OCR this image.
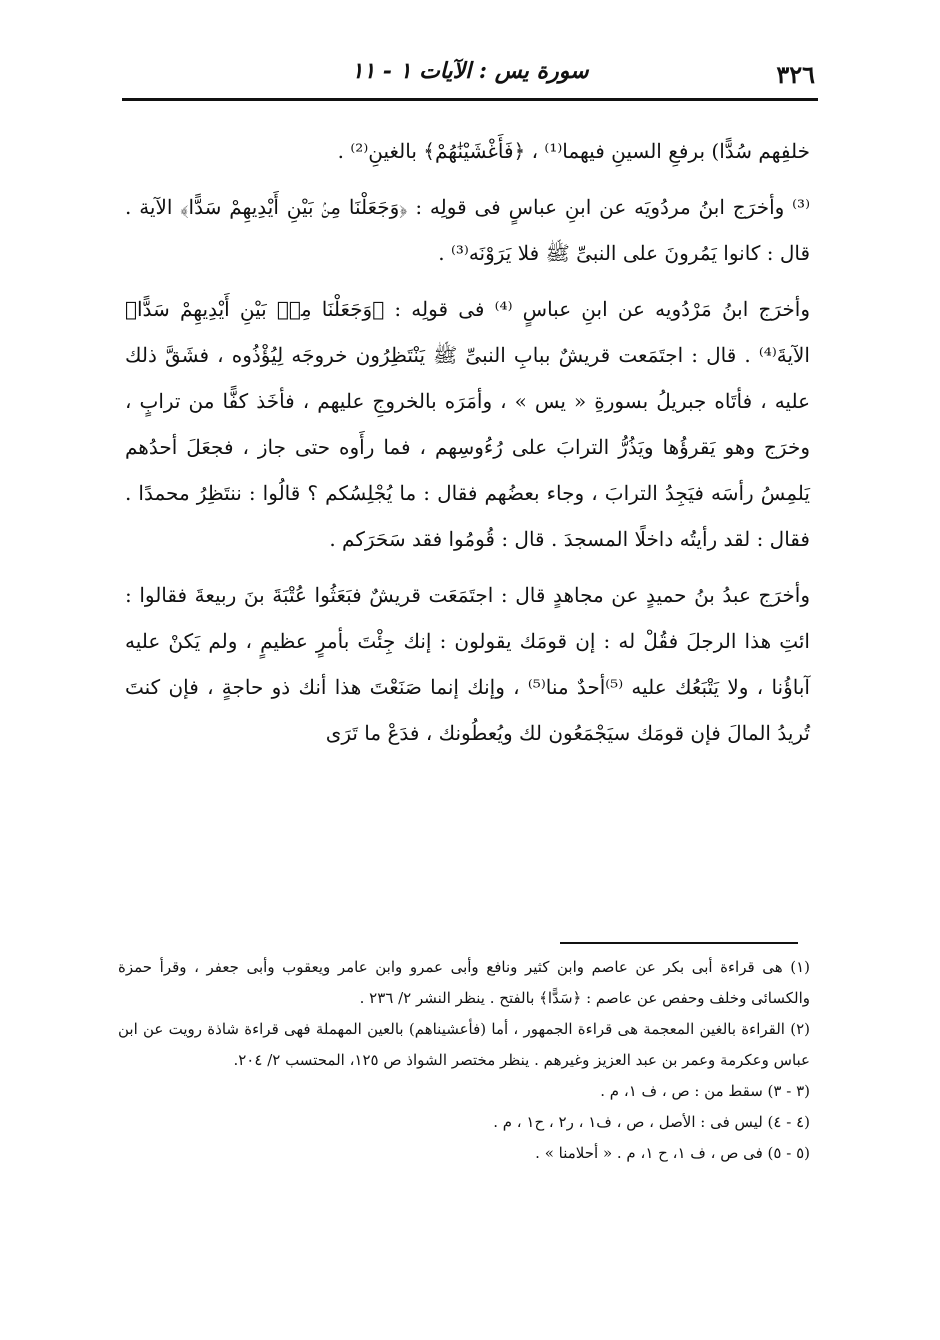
٣٢٦
سورة يس : الآيات ١ - ١١

خلفِهم سُدًّا) برفعِ السينِ فيهما⁽¹⁾ ، ﴿فَأَغْشَيْنَٰهُمْ﴾ بالغينِ⁽²⁾ .

⁽³⁾ وأخرَج ابنُ مردُويَه عن ابنِ عباسٍ فى قولِه : ﴿وَجَعَلْنَا مِنۢ بَيْنِ أَيْدِيهِمْ سَدًّا﴾ الآية . قال : كانوا يَمُرونَ على النبىِّ ﷺ فلا يَرَوْنَه⁽³⁾ .

وأخرَج ابنُ مَرْدُويه عن ابنِ عباسٍ ⁽⁴⁾ فى قولِه : ﴿وَجَعَلْنَا مِنۢ بَيْنِ أَيْدِيهِمْ سَدًّا﴾ الآيةَ⁽⁴⁾ . قال : اجتَمَعت قريشٌ ببابِ النبىِّ ﷺ يَنْتَظِرُون خروجَه لِيُؤْذُوه ، فشَقَّ ذلك عليه ، فأتَاه جبريلُ بسورةِ « يس » ، وأمَرَه بالخروجِ عليهم ، فأخَذ كفًّا من ترابٍ ، وخرَج وهو يَقرؤُها ويَذُرُّ الترابَ على رُءُوسِهم ، فما رأَوه حتى جاز ، فجعَلَ أحدُهم يَلمِسُ رأسَه فيَجِدُ الترابَ ، وجاء بعضُهم فقال : ما يُجْلِسُكم ؟ قالُوا : ننتَظِرُ محمدًا . فقال : لقد رأيتُه داخلًا المسجدَ . قال : قُومُوا فقد سَحَرَكم .

وأخرَج عبدُ بنُ حميدٍ عن مجاهدٍ قال : اجتَمَعَت قريشٌ فبَعَثُوا عُتْبَةَ بنَ ربيعةَ فقالوا : ائتِ هذا الرجلَ فقُلْ له : إن قومَك يقولون : إنك جِئْتَ بأمرٍ عظيمٍ ، ولم يَكنْ عليه آباؤُنا ، ولا يَتْبَعُك عليه ⁽⁵⁾أحدٌ منا⁽⁵⁾ ، وإنك إنما صَنَعْتَ هذا أنك ذو حاجةٍ ، فإن كنتَ تُريدُ المالَ فإن قومَك سيَجْمَعُون لك ويُعطُونك ، فدَعْ ما تَرَى

(١) هى قراءة أبى بكر عن عاصم وابن كثير ونافع وأبى عمرو وابن عامر ويعقوب وأبى جعفر ، وقرأ حمزة والكسائى وخلف وحفص عن عاصم : ﴿سَدًّا﴾ بالفتح . ينظر النشر ٢/ ٢٣٦ .

(٢) القراءة بالغين المعجمة هى قراءة الجمهور ، أما (فأعشيناهم) بالعين المهملة فهى قراءة شاذة رويت عن ابن عباس وعكرمة وعمر بن عبد العزيز وغيرهم . ينظر مختصر الشواذ ص ١٢٥، المحتسب ٢/ ٢٠٤.

(٣ - ٣) سقط من : ص ، ف ١، م .

(٤ - ٤) ليس فى : الأصل ، ص ، ف١ ، ر٢ ، ح١ ، م .

(٥ - ٥) فى ص ، ف ١، ح ١، م . « أحلامنا » .
